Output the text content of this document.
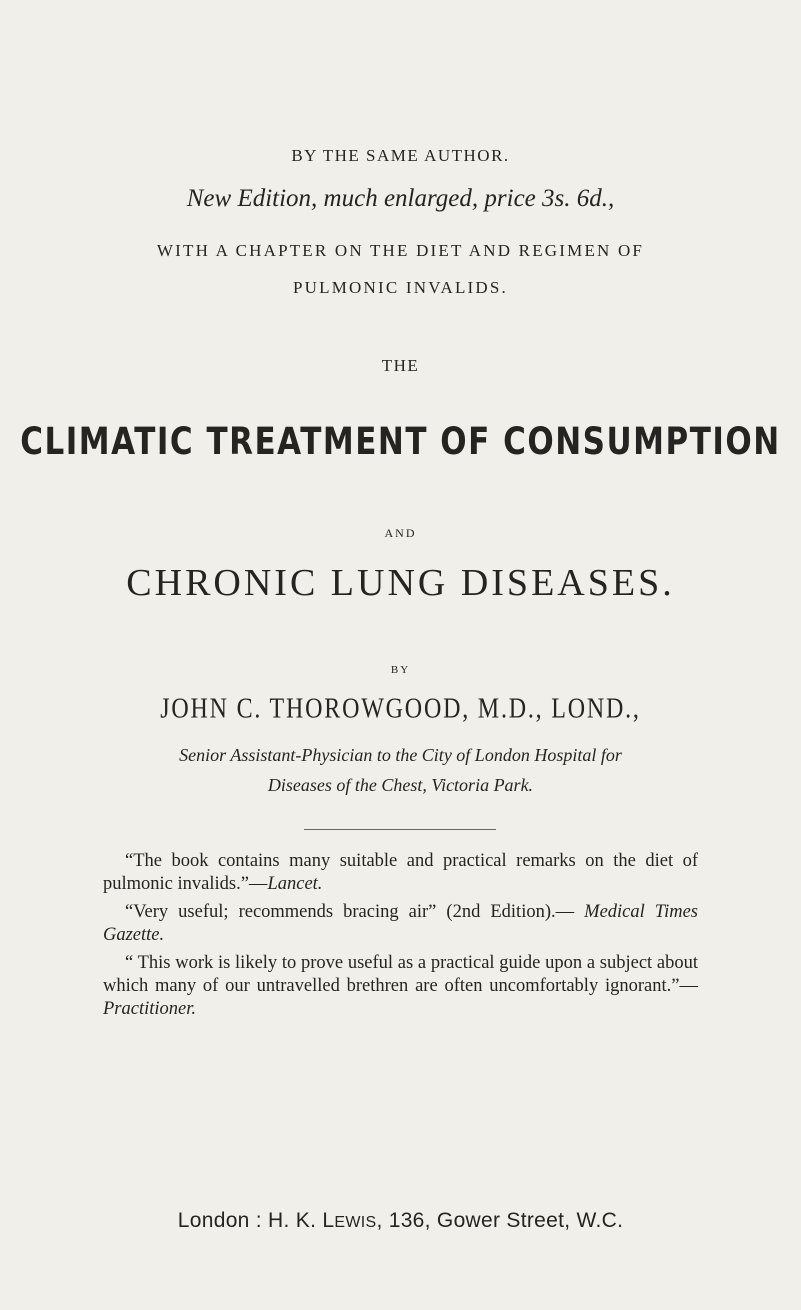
BY THE SAME AUTHOR.
New Edition, much enlarged, price 3s. 6d.,
WITH A CHAPTER ON THE DIET AND REGIMEN OF
PULMONIC INVALIDS.
THE
CLIMATIC TREATMENT OF CONSUMPTION
AND
CHRONIC LUNG DISEASES.
BY
JOHN C. THOROWGOOD, M.D., LOND.,
Senior Assistant-Physician to the City of London Hospital for
Diseases of the Chest, Victoria Park.

“The book contains many suitable and practical remarks on the diet of pulmonic invalids.”—Lancet.

“Very useful; recommends bracing air” (2nd Edition).— Medical Times Gazette.

“ This work is likely to prove useful as a practical guide upon a subject about which many of our untravelled brethren are often uncomfortably ignorant.”—Practitioner.

London : H. K. LEWIS, 136, Gower Street, W.C.
